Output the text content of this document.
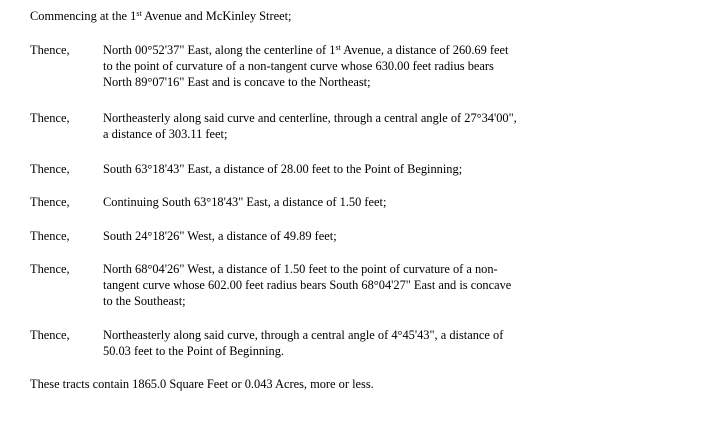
Commencing at the 1st Avenue and McKinley Street;
Thence,	North 00°52'37" East, along the centerline of 1st Avenue, a distance of 260.69 feet
to the point of curvature of a non-tangent curve whose 630.00 feet radius bears
North 89°07'16" East and is concave to the Northeast;
Thence,	Northeasterly along said curve and centerline, through a central angle of 27°34'00",
a distance of 303.11 feet;
Thence,	South 63°18'43" East, a distance of 28.00 feet to the Point of Beginning;
Thence,	Continuing South 63°18'43" East, a distance of 1.50 feet;
Thence,	South 24°18'26" West, a distance of 49.89 feet;
Thence,	North 68°04'26" West, a distance of 1.50 feet to the point of curvature of a non-
tangent curve whose 602.00 feet radius bears South 68°04'27" East and is concave
to the Southeast;
Thence,	Northeasterly along said curve, through a central angle of 4°45'43", a distance of
50.03 feet to the Point of Beginning.
These tracts contain 1865.0 Square Feet or 0.043 Acres, more or less.
